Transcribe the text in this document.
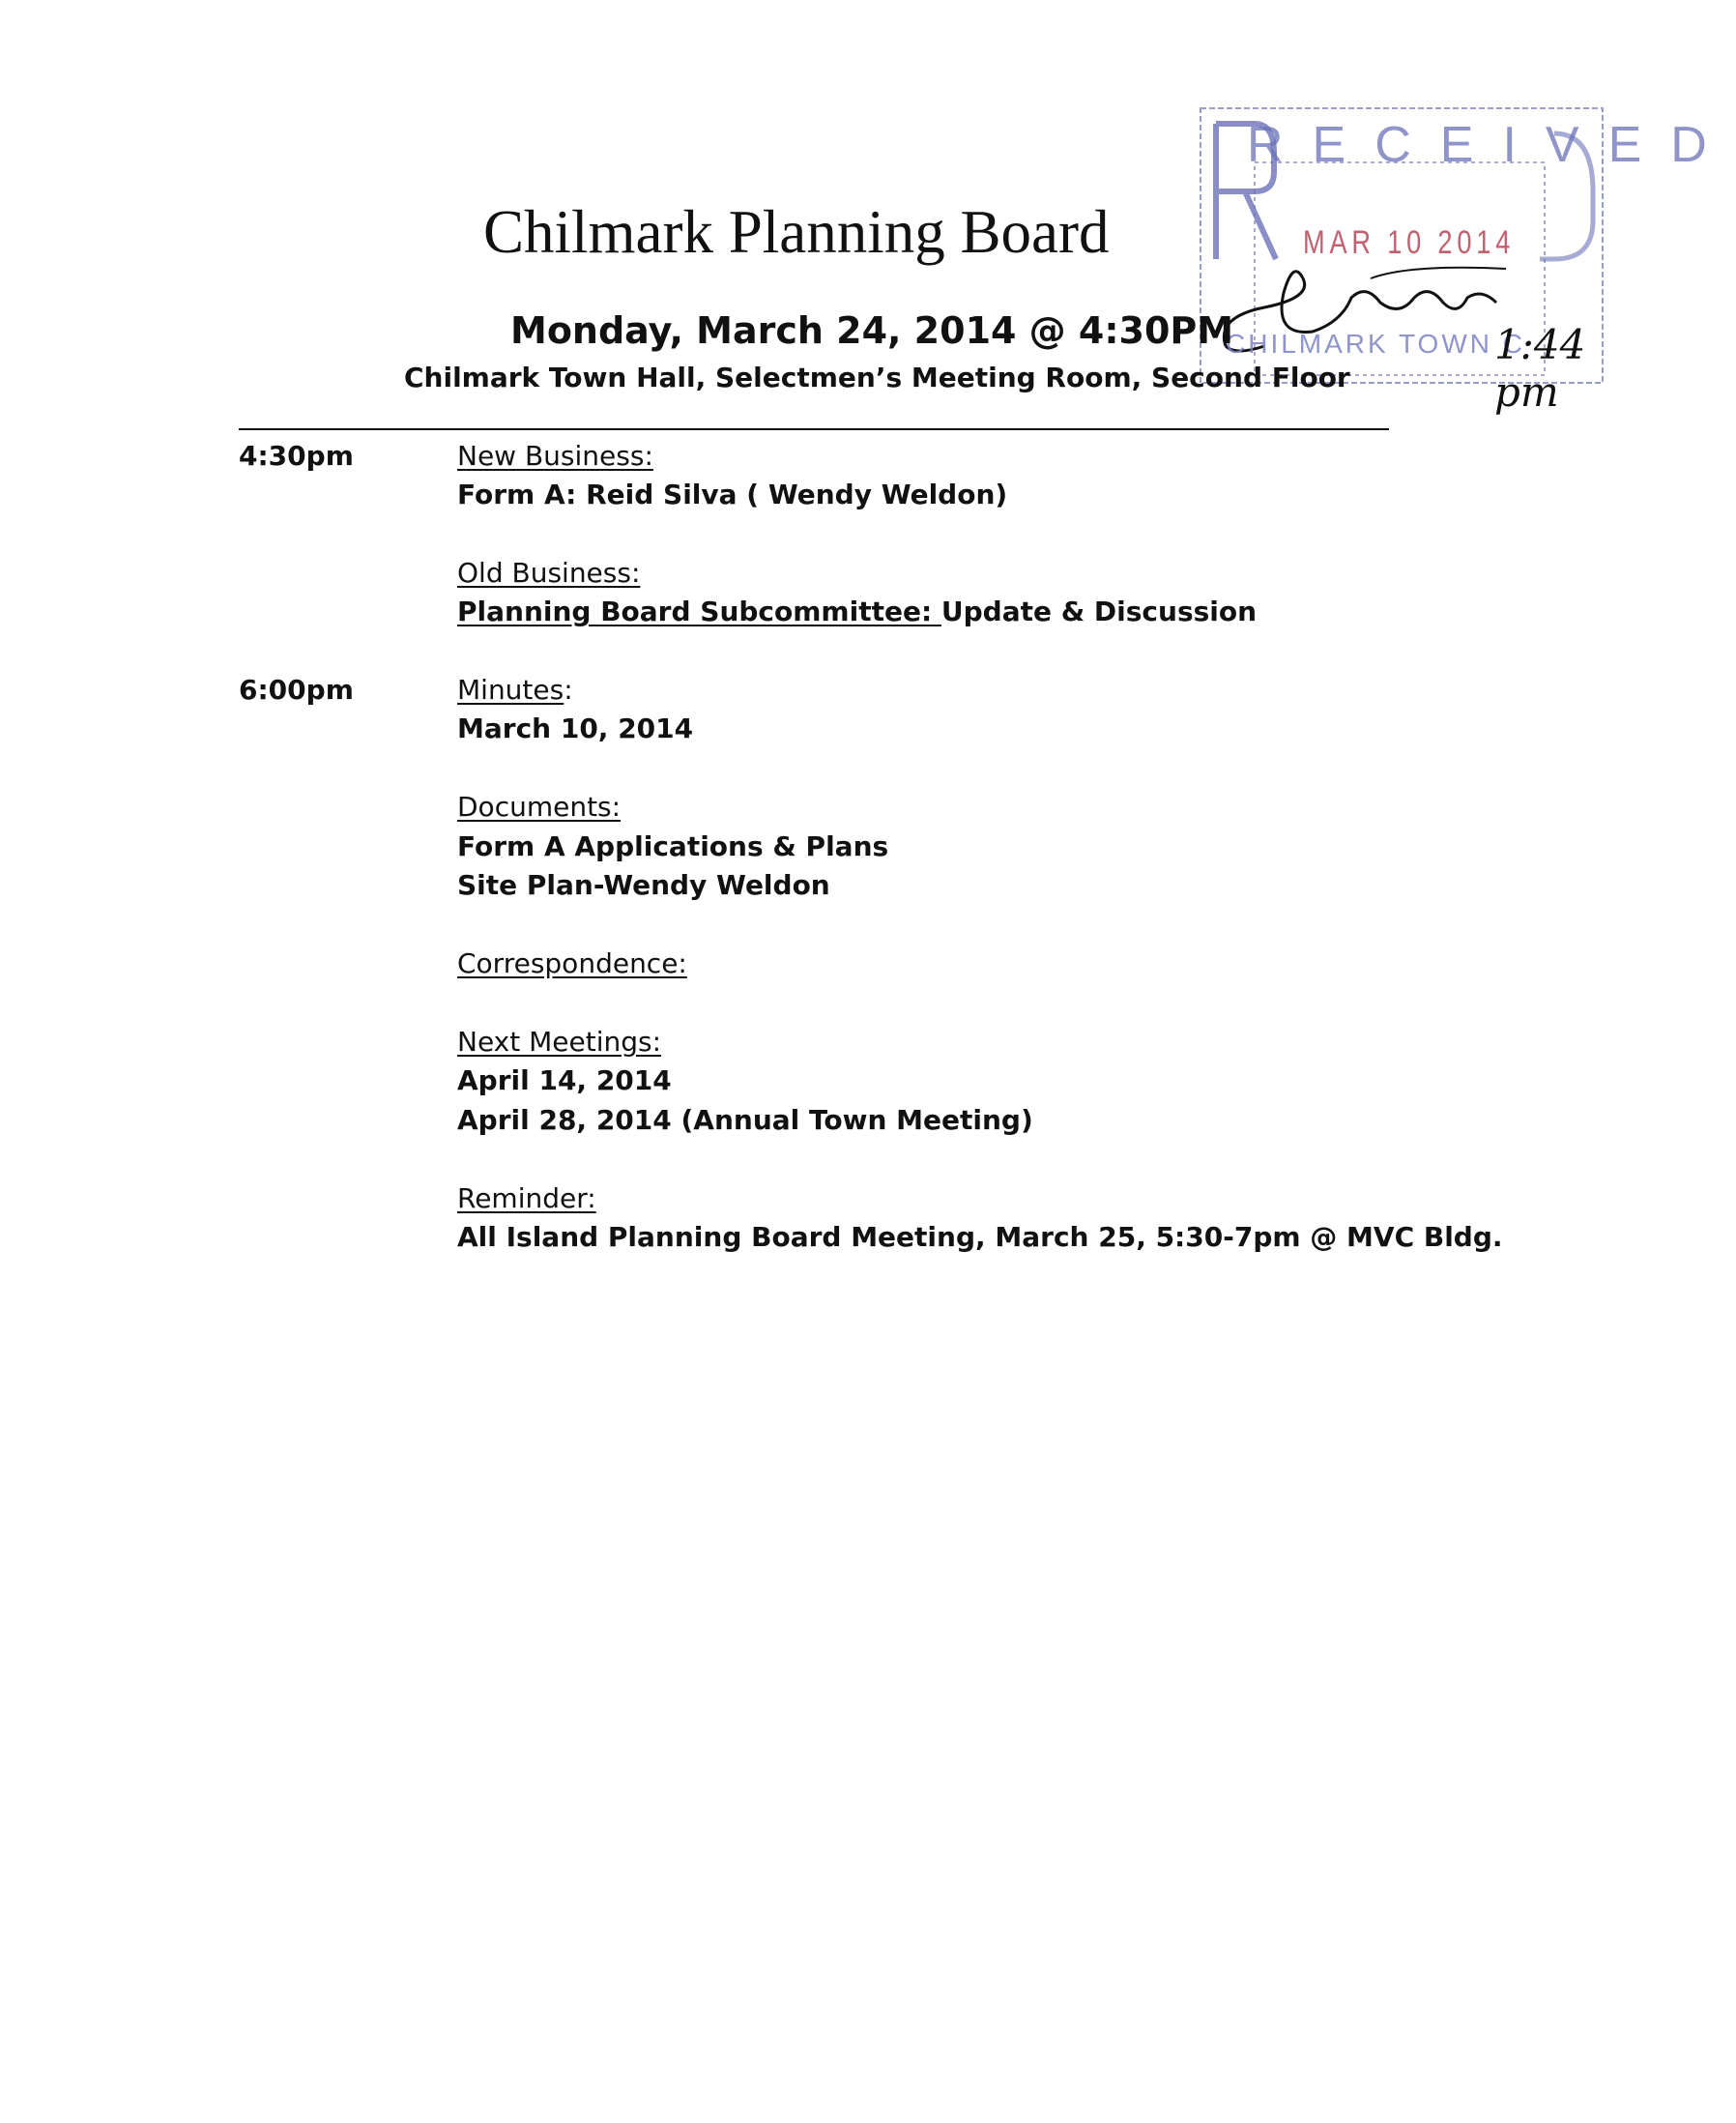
RECEIVED
MAR 10 2014
CHILMARK TOWN C
1:44 pm
Chilmark Planning Board
Monday, March 24, 2014 @ 4:30PM
Chilmark Town Hall, Selectmen’s Meeting Room, Second Floor
4:30pm	New Business:
Form A: Reid Silva ( Wendy Weldon)
Old Business:
Planning Board Subcommittee: Update & Discussion
6:00pm	Minutes:
March 10, 2014
Documents:
Form A Applications & Plans
Site Plan-Wendy Weldon
Correspondence:
Next Meetings:
April 14, 2014
April 28, 2014 (Annual Town Meeting)
Reminder:
All Island Planning Board Meeting, March 25, 5:30-7pm @ MVC Bldg.
